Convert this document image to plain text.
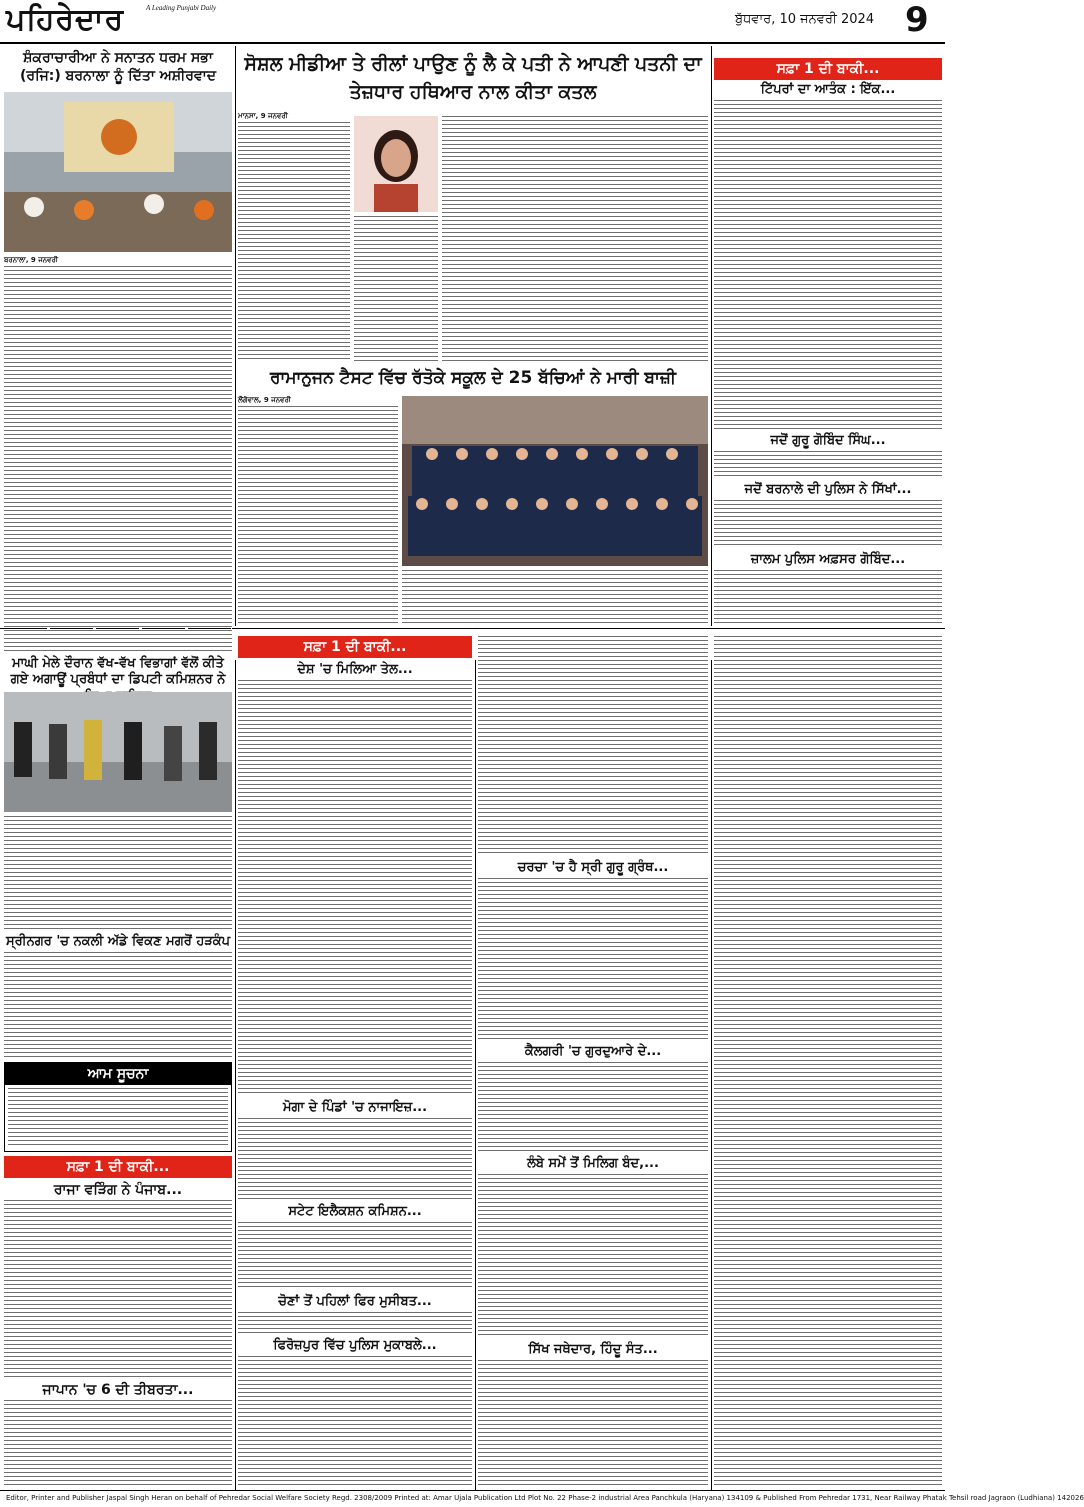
ਪਹਿਰੇਦਾਰ	A Leading Punjabi Daily
ਬੁੱਧਵਾਰ, 10 ਜਨਵਰੀ 2024 9
ਸ਼ੰਕਰਾਚਾਰੀਆ ਨੇ ਸਨਾਤਨ ਧਰਮ ਸਭਾ (ਰਜਿ:) ਬਰਨਾਲਾ ਨੂੰ ਦਿੱਤਾ ਅਸ਼ੀਰਵਾਦ
ਬਰਨਾਲਾ, 9 ਜਨਵਰੀ
ਮਾਘੀ ਮੇਲੇ ਦੌਰਾਨ ਵੱਖ-ਵੱਖ ਵਿਭਾਗਾਂ ਵੱਲੋਂ ਕੀਤੇ ਗਏ ਅਗਾਊਂ ਪ੍ਰਬੰਧਾਂ ਦਾ ਡਿਪਟੀ ਕਮਿਸ਼ਨਰ ਨੇ
ਸੋਸ਼ਲ ਮੀਡੀਆ ਤੇ ਰੀਲਾਂ ਪਾਉਣ ਨੂੰ ਲੈ ਕੇ ਪਤੀ ਨੇ ਆਪਣੀ ਪਤਨੀ ਦਾ ਤੇਜ਼ਧਾਰ ਹਥਿਆਰ ਨਾਲ ਕੀਤਾ ਕਤਲ
ਮਾਨਸਾ, 9 ਜਨਵਰੀ
ਰਾਮਾਨੁਜਨ ਟੈਸਟ ਵਿੱਚ ਰੱਤੋਕੇ ਸਕੂਲ ਦੇ 25 ਬੱਚਿਆਂ ਨੇ ਮਾਰੀ ਬਾਜ਼ੀ
ਲੌਂਗੋਵਾਲ, 9 ਜਨਵਰੀ
ਸਫ਼ਾ 1 ਦੀ ਬਾਕੀ...
ਟਿੱਪਰਾਂ ਦਾ ਆਤੰਕ : ਇੱਕ...
ਜਦੋਂ ਗੁਰੂ ਗੋਬਿੰਦ ਸਿੰਘ...
ਜਦੋਂ ਬਰਨਾਲੇ ਦੀ ਪੁਲਿਸ ਨੇ ਸਿੱਖਾਂ...
ਜ਼ਾਲਮ ਪੁਲਿਸ ਅਫ਼ਸਰ ਗੋਬਿੰਦ...
ਸ੍ਰੀਨਗਰ 'ਚ ਨਕਲੀ ਅੱਡੇ ਵਿਕਣ ਮਗਰੋਂ ਹੜਕੰਪ
ਆਮ ਸੂਚਨਾ
ਸਫ਼ਾ 1 ਦੀ ਬਾਕੀ...
ਰਾਜਾ ਵੜਿੰਗ ਨੇ ਪੰਜਾਬ...
ਜਾਪਾਨ 'ਚ 6 ਦੀ ਤੀਬਰਤਾ...
ਸਫ਼ਾ 1 ਦੀ ਬਾਕੀ...
ਦੇਸ਼ 'ਚ ਮਿਲਿਆ ਤੇਲ...
ਮੋਗਾ ਦੇ ਪਿੰਡਾਂ 'ਚ ਨਾਜਾਇਜ਼...
ਸਟੇਟ ਇਲੈਕਸ਼ਨ ਕਮਿਸ਼ਨ...
ਚੋਣਾਂ ਤੋਂ ਪਹਿਲਾਂ ਫਿਰ ਮੁਸੀਬਤ...
ਫਿਰੋਜ਼ਪੁਰ ਵਿੱਚ ਪੁਲਿਸ ਮੁਕਾਬਲੇ...
ਚਰਚਾ 'ਚ ਹੈ ਸ੍ਰੀ ਗੁਰੂ ਗ੍ਰੰਥ...
ਕੈਲਗਰੀ 'ਚ ਗੁਰਦੁਆਰੇ ਦੇ...
ਲੰਬੇ ਸਮੇਂ ਤੋਂ ਮਿਲਿਗ ਬੰਦ,...
ਸਿੱਖ ਜਥੇਦਾਰ, ਹਿੰਦੂ ਸੰਤ...
Editor, Printer and Publisher Jaspal Singh Heran on behalf of Pehredar Social Welfare Society Regd. 2308/2009 Printed at: Amar Ujala Publication Ltd Plot No. 22 Phase-2 industrial Area Panchkula (Haryana) 134109 & Published From Pehredar 1731, Near Railway Phatak Tehsil road Jagraon (Ludhiana) 142026
